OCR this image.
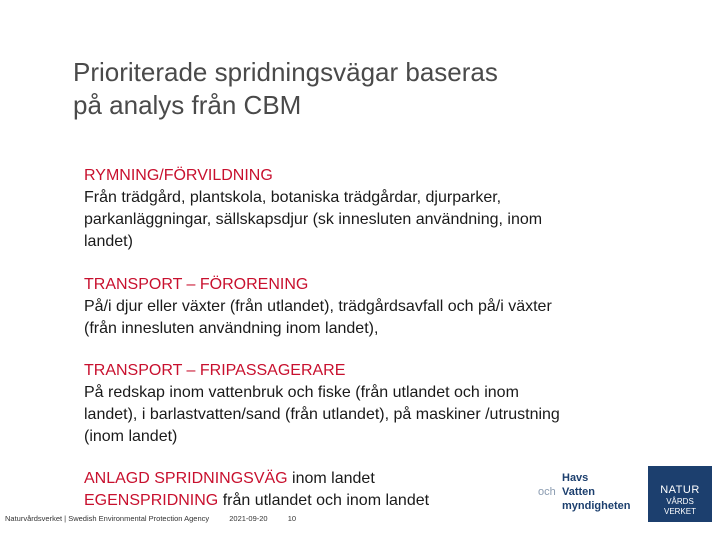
Prioriterade spridningsvägar baseras
på analys från CBM
RYMNING/FÖRVILDNING
Från trädgård, plantskola, botaniska trädgårdar, djurparker,
parkanläggningar, sällskapsdjur (sk innesluten användning, inom
landet)
TRANSPORT – FÖRORENING
På/i djur eller växter (från utlandet), trädgårdsavfall och på/i växter
(från innesluten användning inom landet),
TRANSPORT – FRIPASSAGERARE
På redskap inom vattenbruk och fiske (från utlandet och inom
landet), i barlastvatten/sand (från utlandet), på maskiner /utrustning
(inom landet)
ANLAGD SPRIDNINGSVÄG inom landet
EGENSPRIDNING från utlandet och inom landet
Naturvårdsverket | Swedish Environmental Protection Agency	2021-09-20	10
Havs
och Vatten
myndigheten
NATUR
VÅRDS
VERKET
